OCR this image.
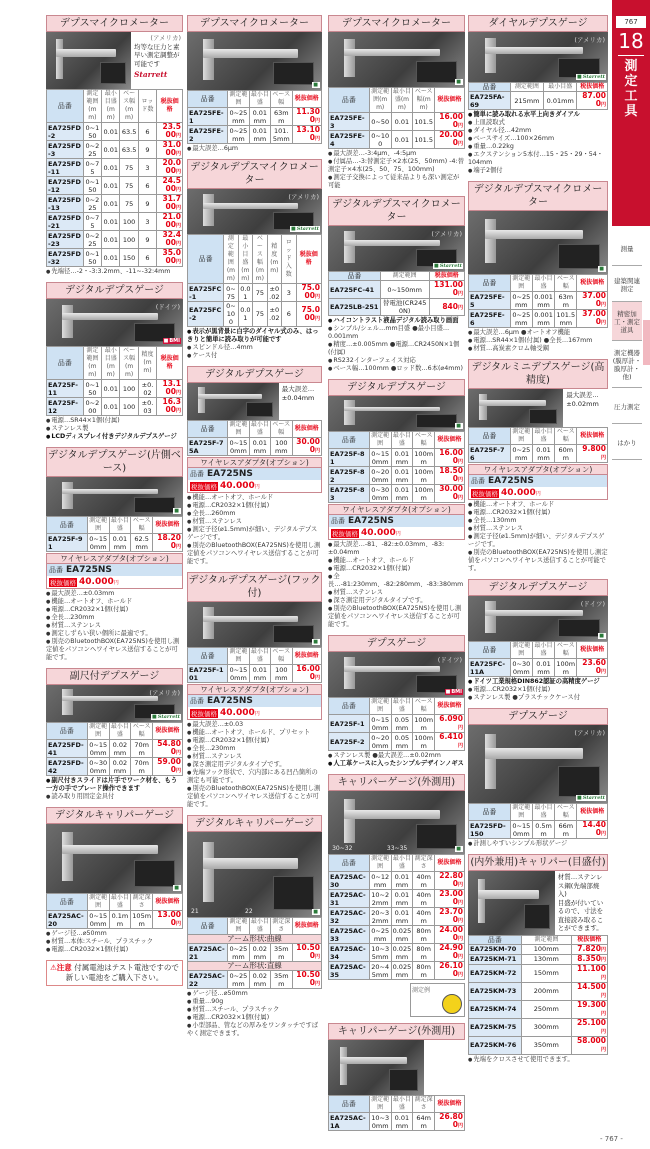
デプスマイクロメーター
(アメリカ)
均等な圧力と素早い測定調整が可能です
Starrett
品番	測定範囲(mm)	最小目盛(mm)	ベース幅(mm)	ロッド数	税抜価格
EA725FD-2	0~150	0.01	63.5	6	23.500円
EA725FD-3	0~225	0.01	63.5	9	31.000円
EA725FD-11	0~75	0.01	75	3	20.000円
EA725FD-12	0~150	0.01	75	6	24.500円
EA725FD-13	0~225	0.01	75	9	31.700円
EA725FD-21	0~75	0.01	100	3	21.000円
EA725FD-23	0~225	0.01	100	9	32.400円
EA725FD-32	0~150	0.01	150	6	35.000円
● 先端径…-2・-3:3.2mm、-11~-32:4mm
デジタルデプスゲージ
(ドイツ)
■ BMI
品番	測定範囲(mm)	最小目盛(mm)	ベース幅(mm)	精度(mm)	税抜価格
EA725F-11	0~150	0.01	100	±0.02	13.100円
EA725F-12	0~200	0.01	100	±0.03	16.300円
● 電源…SR44×1個(付属)
● ステンレス製
● LCDディスプレイ付きデジタルデプスゲージ
デジタルデプスゲージ(片側ベース)
■
品番	測定範囲	最小目盛	ベース幅	税抜価格
EA725F-91	0~150mm	0.01mm	62.5mm	18.200円
ワイヤレスアダプタ(オプション)
品番 EA725NS
税抜価格 40.000 円
● 最大誤差…±0.03mm
● 機能…オートオフ、ホールド
● 電源…CR2032×1個(付属)
● 全長…230mm
● 材質…ステンレス
● 測定しずらい狭い個所に最適です。
● 別売のBluetoothBOX(EA725NS)を使用し測定値をパソコンへワイヤレス送信することが可能です。
副尺付デプスゲージ
(アメリカ)
■ Starrett
品番	測定範囲	最小目盛	ベース幅	税抜価格
EA725FD-41	0~150mm	0.02mm	70mm	54.800円
EA725FD-42	0~300mm	0.02mm	70mm	59.000円
● 副尺付きスライドは片手でワーク材を、もう一方の手でブレード操作できます
● 読み取り用固定金具付
デジタルキャリパーゲージ
■
品番	測定範囲	最小目盛	測定深さ	税抜価格
EA725AC-20	0~150mm	0.1mm	105mm	13.000円
● ゲージ径…⌀50mm
● 材質…本体:スチール、プラスチック
● 電源…CR2032×1個(付属)
⚠注意 付属電池はテスト電池ですので新しい電池をご購入下さい。
デプスマイクロメーター
■
品番	測定範囲	最小目盛	ベース幅	税抜価格
EA725FE-1	0~25mm	0.01mm	63mm	11.300円
EA725FE-2	0~25mm	0.01mm	101.5mm	13.100円
● 最大誤差…6μm
デジタルデプスマイクロメーター
(アメリカ)
■ Starrett
品番	測定範囲(mm)	最小目盛(mm)	ベース幅(mm)	精度(mm)	ロッド入数	税抜価格
EA725FC-1	0~75	0.01	75	±0.02	3	75.000円
EA725FC-2	0~100	0.01	75	±0.02	6	75.000円
● 表示が黒背景に白字のダイヤル式のみ、はっきりと簡単に読み取りが可能です
● スピンドル径…4mm
● ケース付
デジタルデプスゲージ
最大誤差…±0.04mm
品番	測定範囲	最小目盛	ベース幅	税抜価格
EA725F-75A	0~150mm	0.01mm	100mm	30.000円
ワイヤレスアダプタ(オプション)
品番 EA725NS
税抜価格 40.000 円
● 機能…オートオフ、ホールド
● 電源…CR2032×1個(付属)
● 全長…260mm
● 材質…ステンレス
● 測定子径(⌀1.5mm)が細い、デジタルデプスゲージです。
● 別売のBluetoothBOX(EA725NS)を使用し測定値をパソコンへワイヤレス送信することが可能です。
デジタルデプスゲージ(フック付)
■
品番	測定範囲	最小目盛	ベース幅	税抜価格
EA725F-101	0~150mm	0.01mm	100mm	16.000円
ワイヤレスアダプタ(オプション)
品番 EA725NS
税抜価格 40.000 円
● 最大誤差…±0.03
● 機能…オートオフ、ホールド、プリセット
● 電源…CR2032×1個(付属)
● 全長…230mm
● 材質…ステンレス
● 深さ測定用デジタルタイプです。
● 先端フック形状で、穴内部にある凹凸箇所の測定も可能です。
● 別売のBluetoothBOX(EA725NS)を使用し測定値をパソコンへワイヤレス送信することが可能です。
デジタルキャリパーゲージ
■
21	22
品番	測定範囲	最小目盛	測定深さ	税抜価格
アーム形状:曲線				
EA725AC-21	0~25mm	0.02mm	35mm	10.500円
アーム形状:直線				
EA725AC-22	0~25mm	0.02mm	35mm	10.500円
● ゲージ径…⌀50mm
● 重量…90g
● 材質…スチール、プラスチック
● 電源…CR2032×1個(付属)
● 小型部品、管などの厚みをワンタッチですばやく測定できます。
デプスマイクロメーター
■
品番	測定範囲(mm)	最小目盛(mm)	ベース幅(mm)	税抜価格
EA725FE-3	0~50	0.01	101.5	16.000円
EA725FE-4	0~100	0.01	101.5	20.000円
● 最大誤差…-3:4μm、-4:5μm
● 付属品…-3:替測定子×2本(25、50mm) -4:替測定子×4本(25、50、75、100mm)
● 測定子交換によって従来品よりも深い測定が可能
デジタルデプスマイクロメーター
(アメリカ)
■ Starrett
品番	測定範囲	税抜価格
EA725FC-41	0~150mm	131.000円
EA725LB-251	替電池(CR2450N)	840円
● ハイコントラスト液晶デジタル読み取り画面
● シンブル/シェル…mm目盛 ●最小目盛…0.001mm
● 精度…±0.005mm ●電源…CR2450N×1個(付属)
● RS232インターフェイス対応
● ベース幅…100mm ●ロッド数…6本(⌀4mm)
デジタルデプスゲージ
■
品番	測定範囲	最小目盛	ベース幅	税抜価格
EA725F-81	0~150mm	0.01mm	100mm	16.000円
EA725F-82	0~200mm	0.01mm	100mm	18.500円
EA725F-83	0~300mm	0.01mm	100mm	30.000円
ワイヤレスアダプタ(オプション)
品番 EA725NS
税抜価格 40.000 円
● 最大誤差…-81、-82:±0.03mm、-83:±0.04mm
● 機能…オートオフ、ホールド
● 電源…CR2032×1個(付属)
● 全長…-81:230mm、-82:280mm、-83:380mm
● 材質…ステンレス
● 深さ測定用デジタルタイプです。
● 別売のBluetoothBOX(EA725NS)を使用し測定値をパソコンへワイヤレス送信することが可能です。
デプスゲージ
(ドイツ)
■ BMI
品番	測定範囲	最小目盛	ベース幅	税抜価格
EA725F-1	0~150mm	0.05mm	100mm	6.090円
EA725F-2	0~200mm	0.05mm	100mm	6.410円
● ステンレス製 ●最大誤差…±0.02mm
● 人工革ケースに入ったシンプルデザインノギス
キャリパーゲージ(外測用)
■
30~32	33~35
品番	測定範囲	最小目盛	測定深さ	税抜価格
EA725AC-30	0~12mm	0.01mm	40mm	22.800円
EA725AC-31	10~22mm	0.01mm	40mm	23.000円
EA725AC-32	20~32mm	0.01mm	40mm	23.700円
EA725AC-33	0~25mm	0.025mm	80mm	24.000円
EA725AC-34	10~35mm	0.025mm	80mm	24.900円
EA725AC-35	20~45mm	0.025mm	80mm	26.100円
測定例
キャリパーゲージ(外測用)
品番	測定範囲	最小目盛	測定深さ	税抜価格
EA725AC-1A	10~30mm	0.01mm	64mm	26.800円
ダイヤルデプスゲージ
(アメリカ)
■ Starrett
品番	測定範囲	最小目盛	税抜価格
EA725FA-69	215mm	0.01mm	87.000円
● 簡単に読み取れる水平上向きダイアル
● 上皿読取式
● ダイヤル径…42mm
● ベースサイズ…100×26mm
● 重量…0.22kg
● エクステンション5本付…15・25・29・54・104mm
● 端子2個付
デジタルデプスマイクロメーター
■
品番	測定範囲	最小目盛	ベース幅	税抜価格
EA725FE-5	0~25mm	0.001mm	63mm	37.000円
EA725FE-6	0~25mm	0.001mm	101.5mm	37.000円
● 最大誤差…6μm ●オートオフ機能
● 電源…SR44×1個(付属) ●全長…167mm
● 材質…高炭素クロム軸受鋼
デジタルミニデプスゲージ(高精度)
最大誤差…±0.02mm
品番	測定範囲	最小目盛	ベース幅	税抜価格
EA725F-76	0~25mm	0.01mm	60mm	9.800円
ワイヤレスアダプタ(オプション)
品番 EA725NS
税抜価格 40.000 円
● 機能…オートオフ、ホールド
● 電源…CR2032×1個(付属)
● 全長…130mm
● 材質…ステンレス
● 測定子径(⌀1.5mm)が細い、デジタルデプスゲージです。
● 別売のBluetoothBOX(EA725NS)を使用し測定値をパソコンへワイヤレス送信することが可能です。
デジタルデプスゲージ
(ドイツ)
■
品番	測定範囲	最小目盛	ベース幅	税抜価格
EA725FC-11A	0~300mm	0.01mm	100mm	23.600円
● ドイツ工業規格DIN862認証の高精度ゲージ
● 電源…CR2032×1個(付属)
● ステンレス製 ●プラスチックケース付
デプスゲージ
(アメリカ)
■ Starrett
品番	測定範囲	最小目盛	ベース幅	税抜価格
EA725FD-150	0~150mm	0.5mm	66mm	14.400円
● 計測しやすいシンプル形状ゲージ
(内外兼用)キャリパー(目盛付)
材質…ステンレス鋼(先端部焼入)
目盛が付いているので、寸法を直接読み取ることができます。
品番	測定範囲	税抜価格
EA725KM-70	100mm	7.820円
EA725KM-71	130mm	8.350円
EA725KM-72	150mm	11.100円
EA725KM-73	200mm	14.500円
EA725KM-74	250mm	19.300円
EA725KM-75	300mm	25.100円
EA725KM-76	350mm	58.000円
● 先端をクロスさせて使用できます。
767
18
測定工具
測量
建築関連測定
精密加工・測定道具
測定機器(膜厚計・膜厚計・他)
圧力測定
はかり
- 767 -
